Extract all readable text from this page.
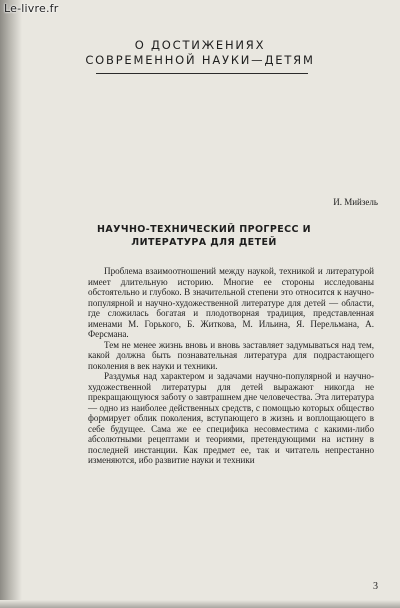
Le-livre.fr
О ДОСТИЖЕНИЯХ
СОВРЕМЕННОЙ НАУКИ—ДЕТЯМ
И. Мийзель
НАУЧНО-ТЕХНИЧЕСКИЙ ПРОГРЕСС И
ЛИТЕРАТУРА ДЛЯ ДЕТЕЙ

Проблема взаимоотношений между наукой, техникой и литературой имеет длительную историю. Многие ее стороны исследованы обстоятельно и глубоко. В значительной степени это относится к научно-популярной и научно-художественной литературе для детей — области, где сложилась богатая и плодотворная традиция, представленная именами М. Горького, Б. Житкова, М. Ильина, Я. Перельмана, А. Ферсмана.

Тем не менее жизнь вновь и вновь заставляет задумываться над тем, какой должна быть познавательная литература для подрастающего поколения в век науки и техники.

Раздумья над характером и задачами научно-популярной и научно-художественной литературы для детей выражают никогда не прекращающуюся заботу о завтрашнем дне человечества. Эта литература — одно из наиболее действенных средств, с помощью которых общество формирует облик поколения, вступающего в жизнь и воплощающего в себе будущее. Сама же ее специфика несовместима с какими-либо абсолютными рецептами и теориями, претендующими на истину в последней инстанции. Как предмет ее, так и читатель непрестанно изменяются, ибо развитие науки и техники

3
